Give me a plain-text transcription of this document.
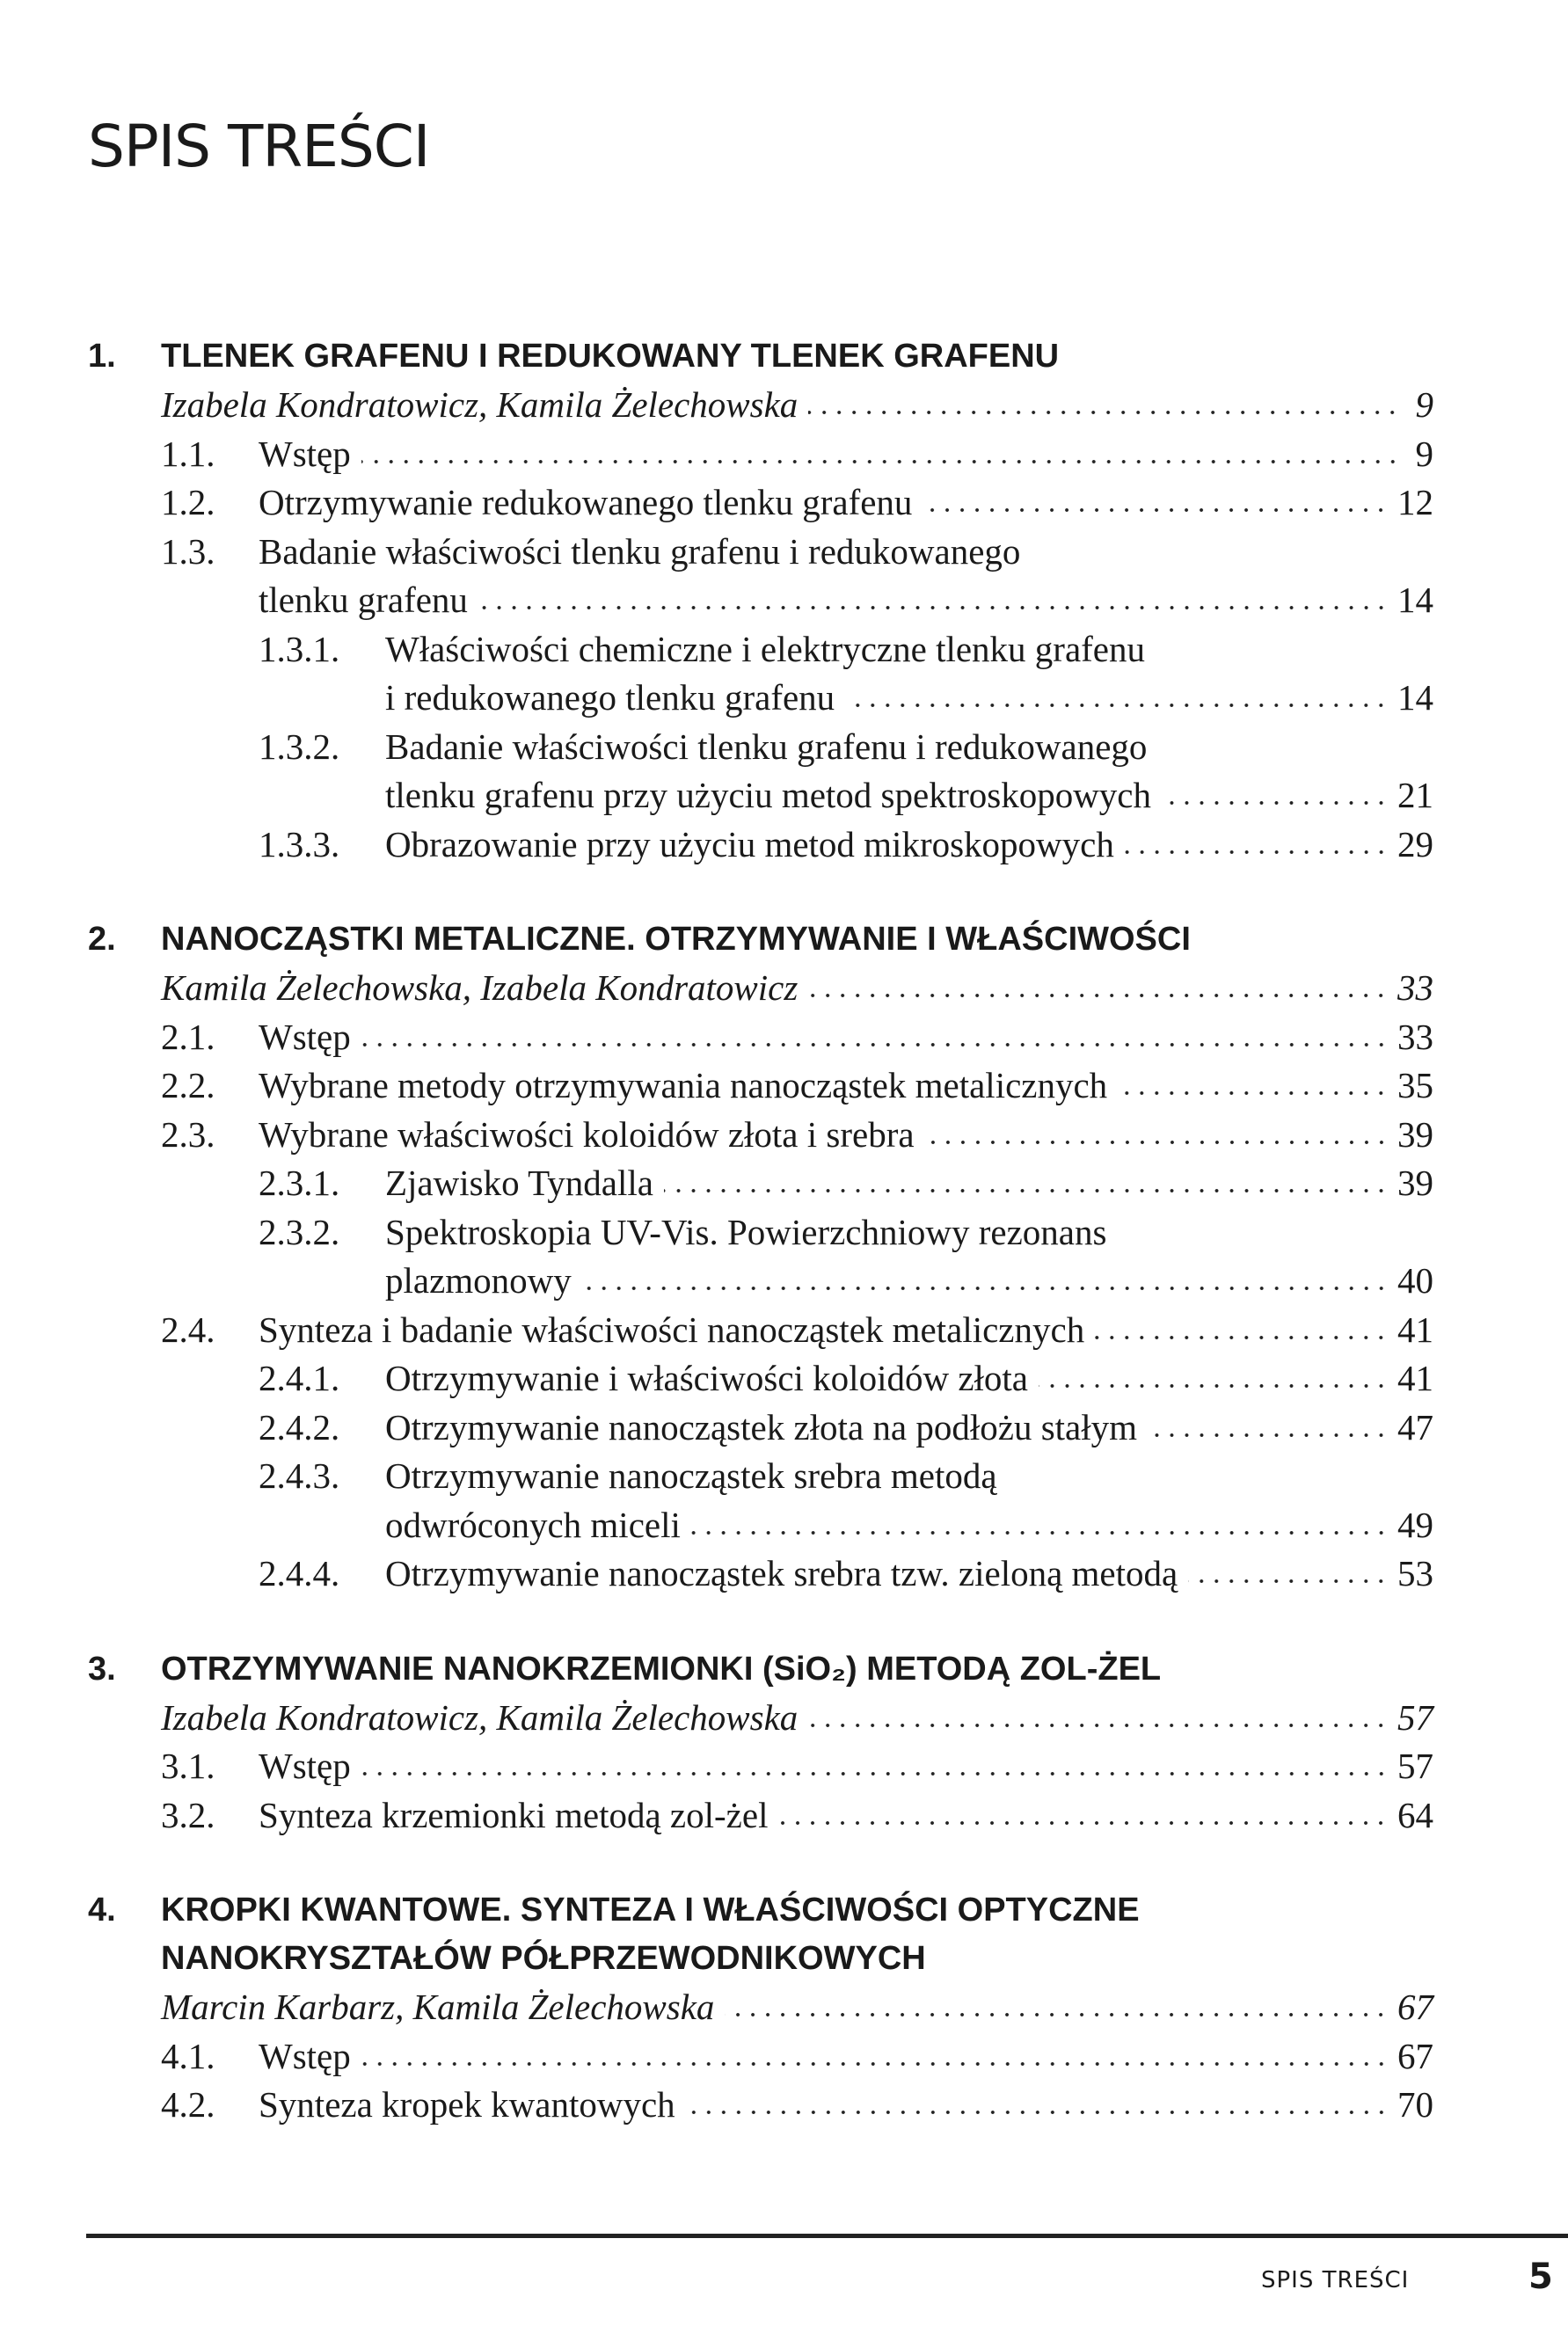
SPIS TREŚCI
1.	TLENEK GRAFENU I REDUKOWANY TLENEK GRAFENU
Izabela Kondratowicz, Kamila Żelechowska	9
1.1.	Wstęp	9
1.2.	Otrzymywanie redukowanego tlenku grafenu	12
1.3.	Badanie właściwości tlenku grafenu i redukowanego
tlenku grafenu	14
1.3.1.	Właściwości chemiczne i elektryczne tlenku grafenu
i redukowanego tlenku grafenu	14
1.3.2.	Badanie właściwości tlenku grafenu i redukowanego
tlenku grafenu przy użyciu metod spektroskopowych	21
1.3.3.	Obrazowanie przy użyciu metod mikroskopowych	29
2.	NANOCZĄSTKI METALICZNE. OTRZYMYWANIE I WŁAŚCIWOŚCI
Kamila Żelechowska, Izabela Kondratowicz	33
2.1.	Wstęp	33
2.2.	Wybrane metody otrzymywania nanocząstek metalicznych	35
2.3.	Wybrane właściwości koloidów złota i srebra	39
2.3.1.	Zjawisko Tyndalla	39
2.3.2.	Spektroskopia UV-Vis. Powierzchniowy rezonans
plazmonowy	40
2.4.	Synteza i badanie właściwości nanocząstek metalicznych	41
2.4.1.	Otrzymywanie i właściwości koloidów złota	41
2.4.2.	Otrzymywanie nanocząstek złota na podłożu stałym	47
2.4.3.	Otrzymywanie nanocząstek srebra metodą
odwróconych miceli	49
2.4.4.	Otrzymywanie nanocząstek srebra tzw. zieloną metodą	53
3.	OTRZYMYWANIE NANOKRZEMIONKI (SiO₂) METODĄ ZOL-ŻEL
Izabela Kondratowicz, Kamila Żelechowska	57
3.1.	Wstęp	57
3.2.	Synteza krzemionki metodą zol-żel	64
4.	KROPKI KWANTOWE. SYNTEZA I WŁAŚCIWOŚCI OPTYCZNE
NANOKRYSZTAŁÓW PÓŁPRZEWODNIKOWYCH
Marcin Karbarz, Kamila Żelechowska	67
4.1.	Wstęp	67
4.2.	Synteza kropek kwantowych	70
SPIS TREŚCI	5
